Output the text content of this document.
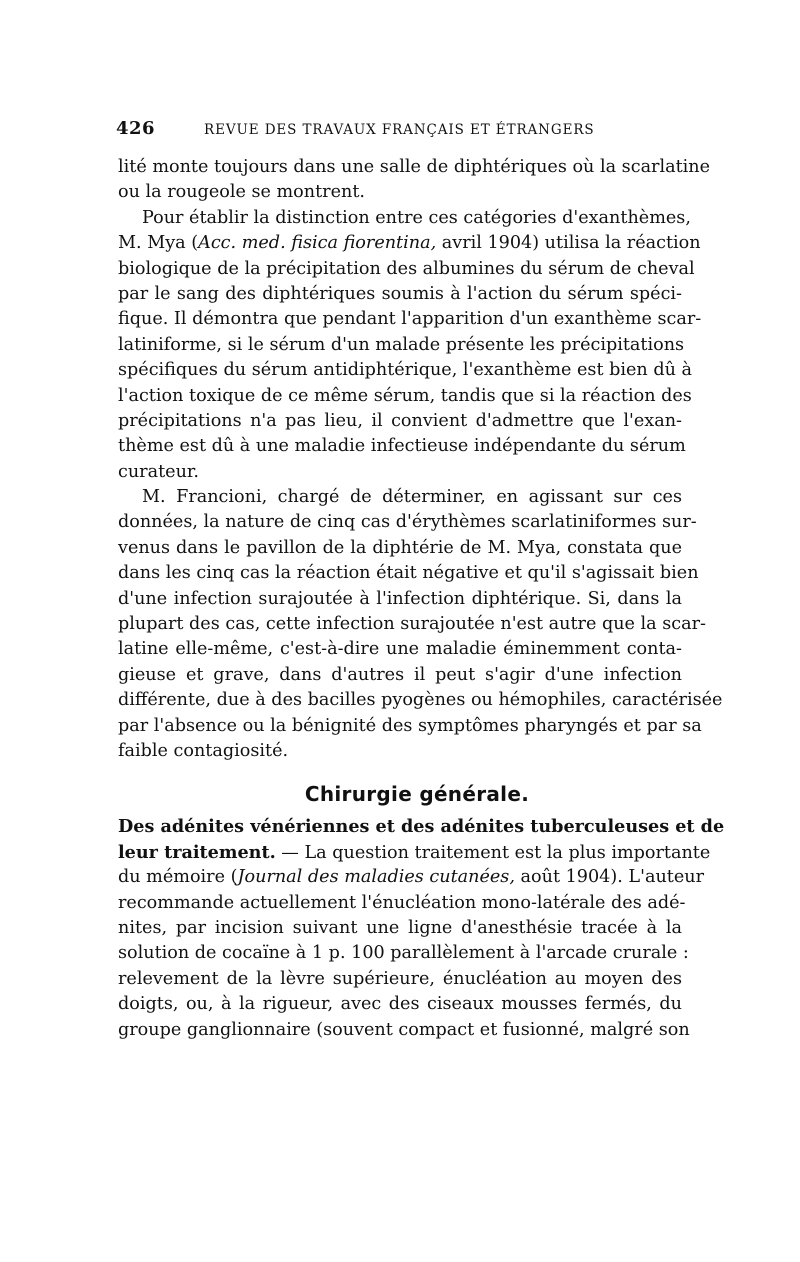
426	REVUE DES TRAVAUX FRANÇAIS ET ÉTRANGERS
lité monte toujours dans une salle de diphtériques où la scarlatine
ou la rougeole se montrent.
Pour établir la distinction entre ces catégories d'exanthèmes,
M. Mya (Acc. med. fisica fiorentina, avril 1904) utilisa la réaction
biologique de la précipitation des albumines du sérum de cheval
par le sang des diphtériques soumis à l'action du sérum spéci-
fique. Il démontra que pendant l'apparition d'un exanthème scar-
latiniforme, si le sérum d'un malade présente les précipitations
spécifiques du sérum antidiphtérique, l'exanthème est bien dû à
l'action toxique de ce même sérum, tandis que si la réaction des
précipitations n'a pas lieu, il convient d'admettre que l'exan-
thème est dû à une maladie infectieuse indépendante du sérum
curateur.
M. Francioni, chargé de déterminer, en agissant sur ces
données, la nature de cinq cas d'érythèmes scarlatiniformes sur-
venus dans le pavillon de la diphtérie de M. Mya, constata que
dans les cinq cas la réaction était négative et qu'il s'agissait bien
d'une infection surajoutée à l'infection diphtérique. Si, dans la
plupart des cas, cette infection surajoutée n'est autre que la scar-
latine elle-même, c'est-à-dire une maladie éminemment conta-
gieuse et grave, dans d'autres il peut s'agir d'une infection
différente, due à des bacilles pyogènes ou hémophiles, caractérisée
par l'absence ou la bénignité des symptômes pharyngés et par sa
faible contagiosité.
Chirurgie générale.
Des adénites vénériennes et des adénites tuberculeuses et de
leur traitement. — La question traitement est la plus importante
du mémoire (Journal des maladies cutanées, août 1904). L'auteur
recommande actuellement l'énucléation mono-latérale des adé-
nites, par incision suivant une ligne d'anesthésie tracée à la
solution de cocaïne à 1 p. 100 parallèlement à l'arcade crurale :
relevement de la lèvre supérieure, énucléation au moyen des
doigts, ou, à la rigueur, avec des ciseaux mousses fermés, du
groupe ganglionnaire (souvent compact et fusionné, malgré son
